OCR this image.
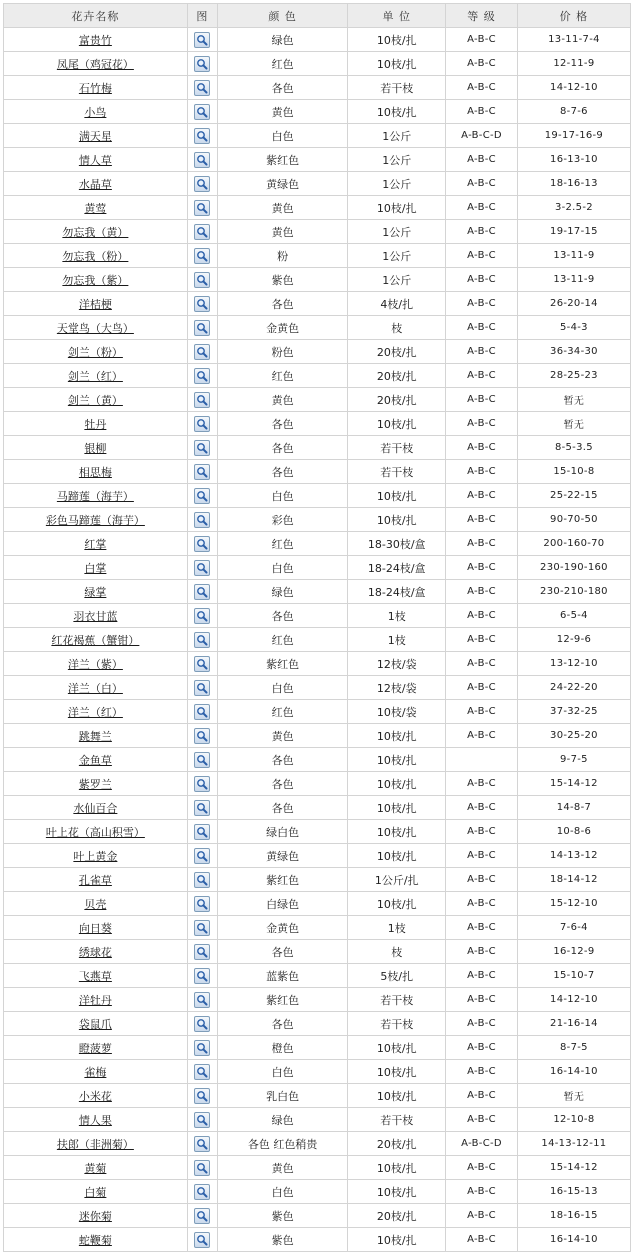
花卉名称	图	颜 色	单 位	等 级	价 格
富贵竹		绿色	10枝/扎	A-B-C	13-11-7-4
凤尾（鸡冠花）		红色	10枝/扎	A-B-C	12-11-9
石竹梅		各色	若干枝	A-B-C	14-12-10
小鸟		黄色	10枝/扎	A-B-C	8-7-6
满天星		白色	1公斤	A-B-C-D	19-17-16-9
情人草		紫红色	1公斤	A-B-C	16-13-10
水晶草		黄绿色	1公斤	A-B-C	18-16-13
黄莺		黄色	10枝/扎	A-B-C	3-2.5-2
勿忘我（黄）		黄色	1公斤	A-B-C	19-17-15
勿忘我（粉）		粉	1公斤	A-B-C	13-11-9
勿忘我（紫）		紫色	1公斤	A-B-C	13-11-9
洋桔梗		各色	4枝/扎	A-B-C	26-20-14
天堂鸟（大鸟）		金黄色	枝	A-B-C	5-4-3
剑兰（粉）		粉色	20枝/扎	A-B-C	36-34-30
剑兰（红）		红色	20枝/扎	A-B-C	28-25-23
剑兰（黄）		黄色	20枝/扎	A-B-C	暂无
牡丹		各色	10枝/扎	A-B-C	暂无
银柳		各色	若干枝	A-B-C	8-5-3.5
相思梅		各色	若干枝	A-B-C	15-10-8
马蹄莲（海芋）		白色	10枝/扎	A-B-C	25-22-15
彩色马蹄莲（海芋）		彩色	10枝/扎	A-B-C	90-70-50
红掌		红色	18-30枝/盒	A-B-C	200-160-70
白掌		白色	18-24枝/盒	A-B-C	230-190-160
绿掌		绿色	18-24枝/盒	A-B-C	230-210-180
羽衣甘蓝		各色	1枝	A-B-C	6-5-4
红花褐蕉（蟹钳）		红色	1枝	A-B-C	12-9-6
洋兰（紫）		紫红色	12枝/袋	A-B-C	13-12-10
洋兰（白）		白色	12枝/袋	A-B-C	24-22-20
洋兰（红）		红色	10枝/袋	A-B-C	37-32-25
跳舞兰		黄色	10枝/扎	A-B-C	30-25-20
金鱼草		各色	10枝/扎		9-7-5
紫罗兰		各色	10枝/扎	A-B-C	15-14-12
水仙百合		各色	10枝/扎	A-B-C	14-8-7
叶上花（高山积雪）		绿白色	10枝/扎	A-B-C	10-8-6
叶上黄金		黄绿色	10枝/扎	A-B-C	14-13-12
孔雀草		紫红色	1公斤/扎	A-B-C	18-14-12
贝壳		白绿色	10枝/扎	A-B-C	15-12-10
向日葵		金黄色	1枝	A-B-C	7-6-4
绣球花		各色	枝	A-B-C	16-12-9
飞燕草		蓝紫色	5枝/扎	A-B-C	15-10-7
洋牡丹		紫红色	若干枝	A-B-C	14-12-10
袋鼠爪		各色	若干枝	A-B-C	21-16-14
瞪菠萝		橙色	10枝/扎	A-B-C	8-7-5
雀梅		白色	10枝/扎	A-B-C	16-14-10
小米花		乳白色	10枝/扎	A-B-C	暂无
情人果		绿色	若干枝	A-B-C	12-10-8
扶郎（非洲菊）		各色 红色稍贵	20枝/扎	A-B-C-D	14-13-12-11
黄菊		黄色	10枝/扎	A-B-C	15-14-12
白菊		白色	10枝/扎	A-B-C	16-15-13
迷你菊		紫色	20枝/扎	A-B-C	18-16-15
蛇鞭菊		紫色	10枝/扎	A-B-C	16-14-10
